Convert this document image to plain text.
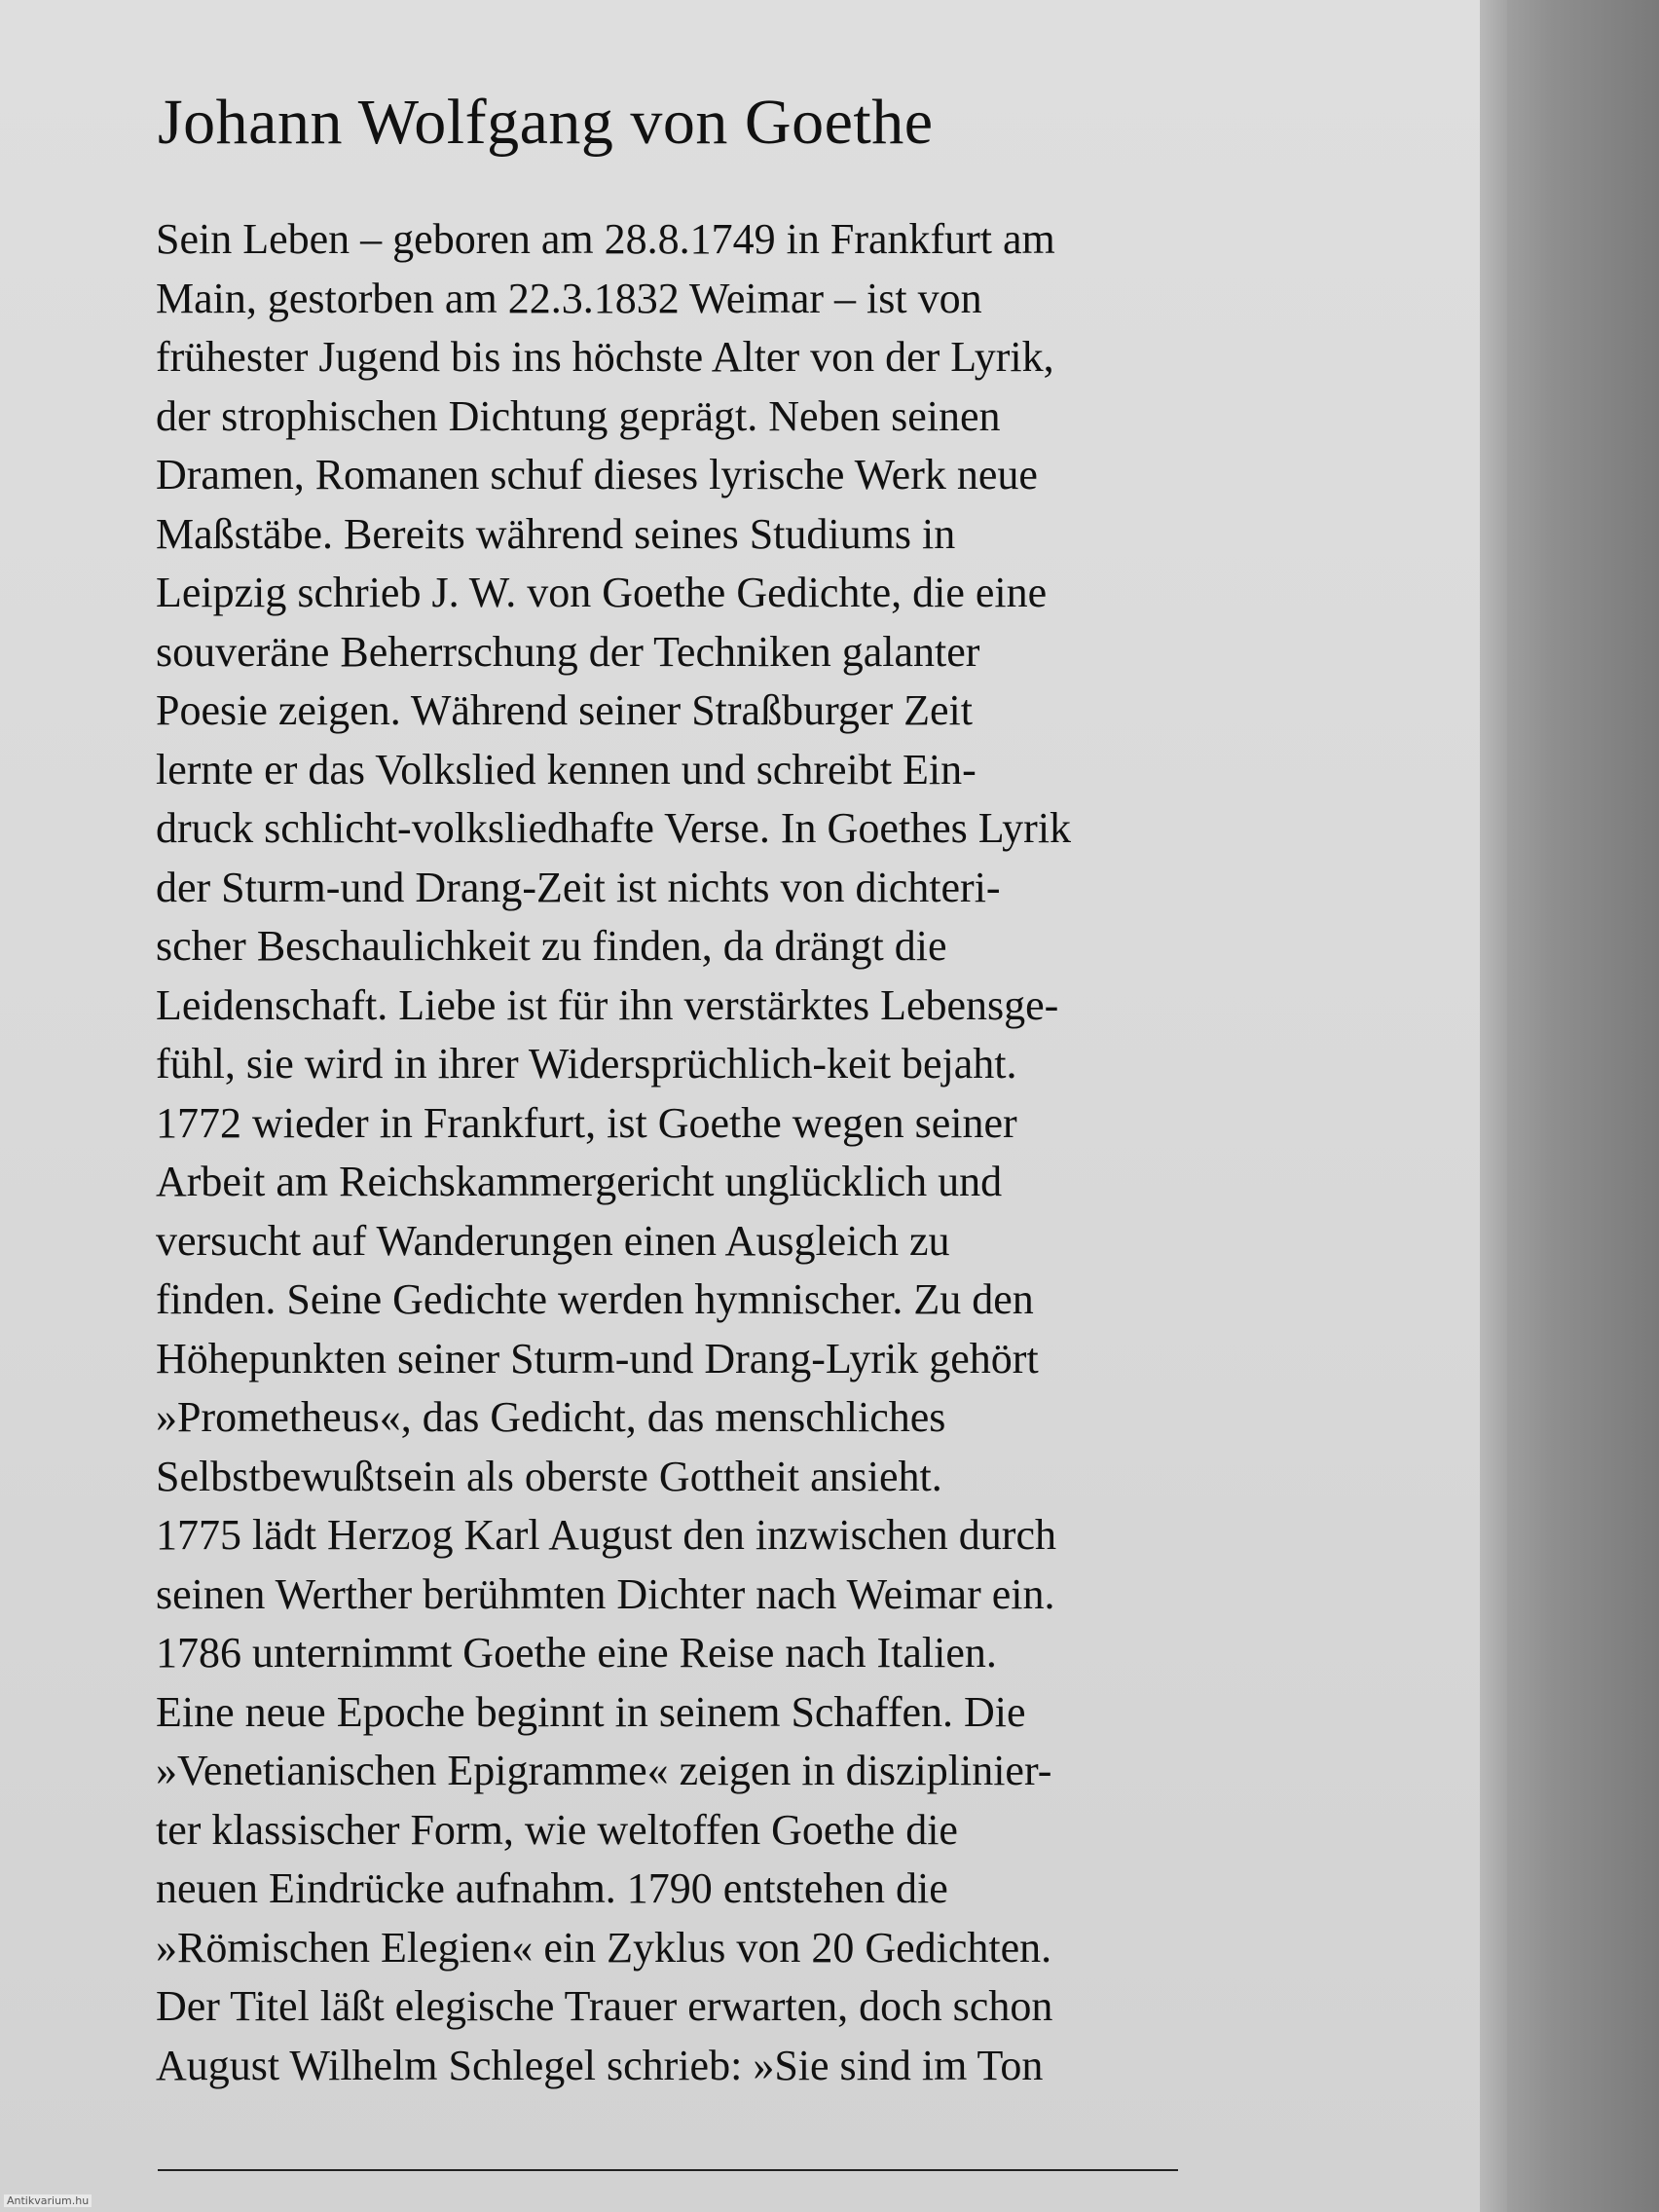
Johann Wolfgang von Goethe
Sein Leben – geboren am 28.8.1749 in Frankfurt am
Main, gestorben am 22.3.1832 Weimar – ist von
frühester Jugend bis ins höchste Alter von der Lyrik,
der strophischen Dichtung geprägt. Neben seinen
Dramen, Romanen schuf dieses lyrische Werk neue
Maßstäbe. Bereits während seines Studiums in
Leipzig schrieb J. W. von Goethe Gedichte, die eine
souveräne Beherrschung der Techniken galanter
Poesie zeigen. Während seiner Straßburger Zeit
lernte er das Volkslied kennen und schreibt Ein-
druck schlicht-volksliedhafte Verse. In Goethes Lyrik
der Sturm-und Drang-Zeit ist nichts von dichteri-
scher Beschaulichkeit zu finden, da drängt die
Leidenschaft. Liebe ist für ihn verstärktes Lebensge-
fühl, sie wird in ihrer Widersprüchlich-keit bejaht.
1772 wieder in Frankfurt, ist Goethe wegen seiner
Arbeit am Reichskammergericht unglücklich und
versucht auf Wanderungen einen Ausgleich zu
finden. Seine Gedichte werden hymnischer. Zu den
Höhepunkten seiner Sturm-und Drang-Lyrik gehört
»Prometheus«, das Gedicht, das menschliches
Selbstbewußtsein als oberste Gottheit ansieht.
1775 lädt Herzog Karl August den inzwischen durch
seinen Werther berühmten Dichter nach Weimar ein.
1786 unternimmt Goethe eine Reise nach Italien.
Eine neue Epoche beginnt in seinem Schaffen. Die
»Venetianischen Epigramme« zeigen in disziplinier-
ter klassischer Form, wie weltoffen Goethe die
neuen Eindrücke aufnahm. 1790 entstehen die
»Römischen Elegien« ein Zyklus von 20 Gedichten.
Der Titel läßt elegische Trauer erwarten, doch schon
August Wilhelm Schlegel schrieb: »Sie sind im Ton
Antikvarium.hu
